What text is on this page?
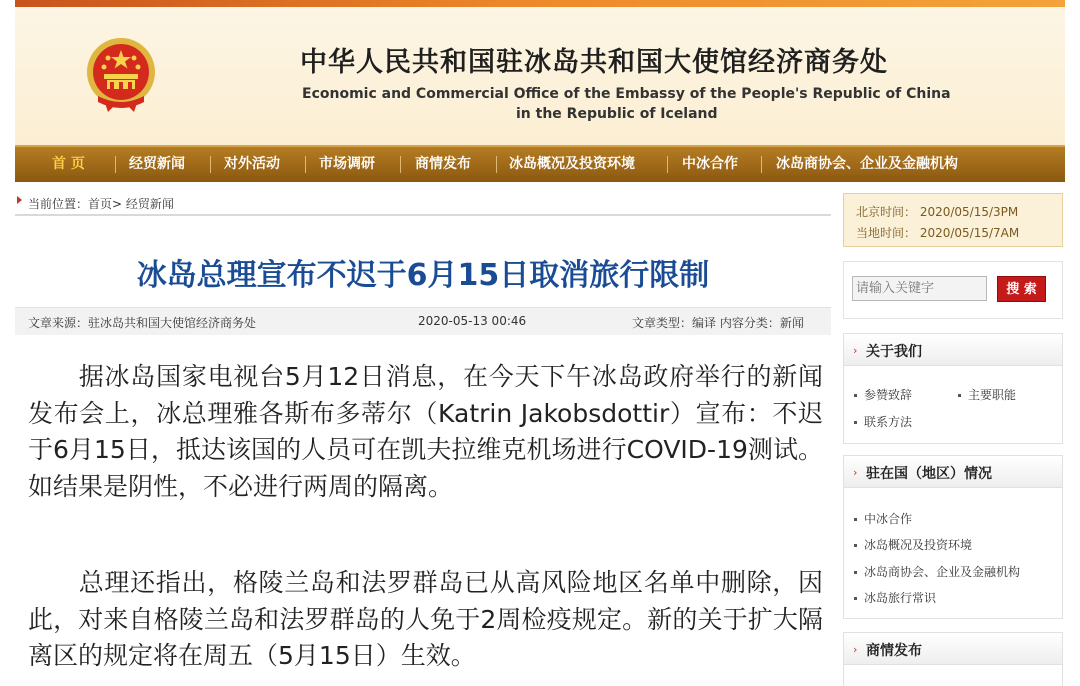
中华人民共和国驻冰岛共和国大使馆经济商务处
Economic and Commercial Office of the Embassy of the People's Republic of China
in the Republic of Iceland
首 页	经贸新闻	对外活动	市场调研	商情发布	冰岛概况及投资环境	中冰合作	冰岛商协会、企业及金融机构
当前位置：首页> 经贸新闻
冰岛总理宣布不迟于6月15日取消旅行限制
文章来源：驻冰岛共和国大使馆经济商务处	2020-05-13 00:46	文章类型：编译 内容分类：新闻
据冰岛国家电视台5月12日消息，在今天下午冰岛政府举行的新闻发布会上，冰总理雅各斯布多蒂尔（Katrin Jakobsdottir）宣布：不迟于6月15日，抵达该国的人员可在凯夫拉维克机场进行COVID-19测试。如结果是阴性，不必进行两周的隔离。
总理还指出，格陵兰岛和法罗群岛已从高风险地区名单中删除，因此，对来自格陵兰岛和法罗群岛的人免于2周检疫规定。新的关于扩大隔离区的规定将在周五（5月15日）生效。
北京时间： 2020/05/15/3PM
当地时间： 2020/05/15/7AM
请输入关键字
搜 索
› 关于我们
参赞致辞	主要职能
联系方法
› 驻在国（地区）情况
中冰合作
冰岛概况及投资环境
冰岛商协会、企业及金融机构
冰岛旅行常识
› 商情发布
